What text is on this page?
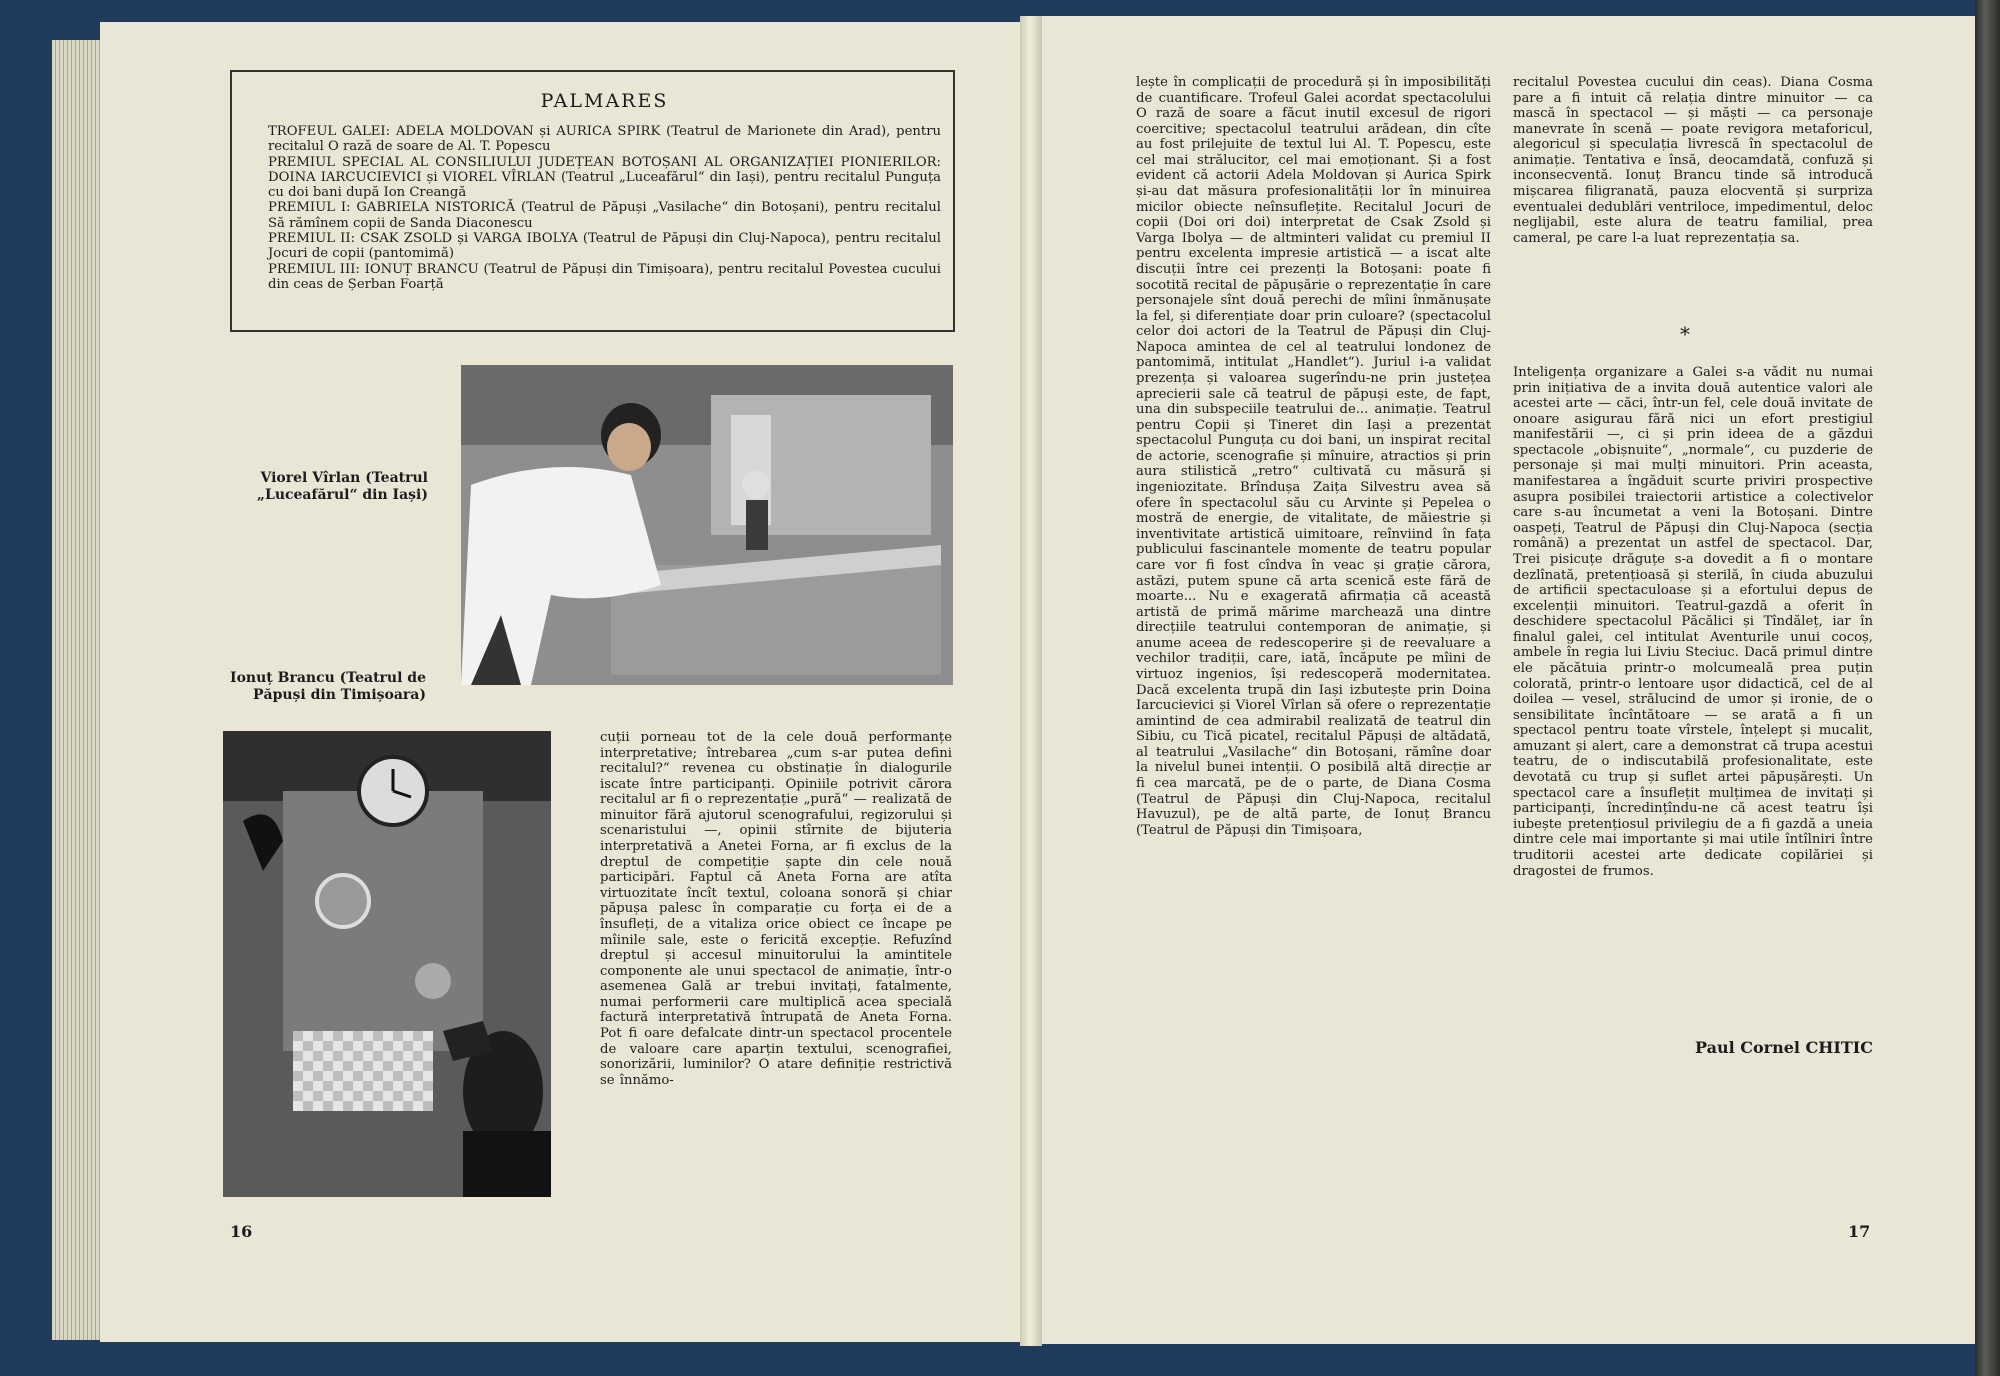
PALMARES

TROFEUL GALEI: ADELA MOLDOVAN și AURICA SPIRK (Teatrul de Marionete din Arad), pentru recitalul O rază de soare de Al. T. Popescu

PREMIUL SPECIAL AL CONSILIULUI JUDEȚEAN BOTOȘANI AL ORGANIZAȚIEI PIONIERILOR: DOINA IARCUCIEVICI și VIOREL VÎRLAN (Teatrul „Luceafărul“ din Iași), pentru recitalul Punguța cu doi bani după Ion Creangă

PREMIUL I: GABRIELA NISTORICĂ (Teatrul de Păpuși „Vasilache“ din Botoșani), pentru recitalul Să rămînem copii de Sanda Diaconescu

PREMIUL II: CSAK ZSOLD și VARGA IBOLYA (Teatrul de Păpuși din Cluj-Napoca), pentru recitalul Jocuri de copii (pantomimă)

PREMIUL III: IONUȚ BRANCU (Teatrul de Păpuși din Timișoara), pentru recitalul Povestea cucului din ceas de Șerban Foarță

Viorel Vîrlan (Teatrul „Luceafărul“ din Iași)
Ionuț Brancu (Teatrul de Păpuși din Timișoara)
cuții porneau tot de la cele două performanțe interpretative; întrebarea „cum s-ar putea defini recitalul?“ revenea cu obstinație în dialogurile iscate între participanți. Opiniile potrivit cărora recitalul ar fi o reprezentație „pură“ — realizată de minuitor fără ajutorul scenografului, regizorului și scenaristului —, opinii stîrnite de bijuteria interpretativă a Anetei Forna, ar fi exclus de la dreptul de competiție șapte din cele nouă participări. Faptul că Aneta Forna are atîta virtuozitate încît textul, coloana sonoră și chiar păpușa palesc în comparație cu forța ei de a însufleți, de a vitaliza orice obiect ce încape pe mîinile sale, este o fericită excepție. Refuzînd dreptul și accesul minuitorului la amintitele componente ale unui spectacol de animație, într-o asemenea Gală ar trebui invitați, fatalmente, numai performerii care multiplică acea specială factură interpretativă întrupată de Aneta Forna. Pot fi oare defalcate dintr-un spectacol procentele de valoare care aparțin textului, scenografiei, sonorizării, luminilor? O atare definiție restrictivă se înnămo-
lește în complicații de procedură și în imposibilități de cuantificare. Trofeul Galei acordat spectacolului O rază de soare a făcut inutil excesul de rigori coercitive; spectacolul teatrului arădean, din cîte au fost prilejuite de textul lui Al. T. Popescu, este cel mai strălucitor, cel mai emoționant. Și a fost evident că actorii Adela Moldovan și Aurica Spirk și-au dat măsura profesionalității lor în minuirea micilor obiecte neînsuflețite. Recitalul Jocuri de copii (Doi ori doi) interpretat de Csak Zsold și Varga Ibolya — de altminteri validat cu premiul II pentru excelenta impresie artistică — a iscat alte discuții între cei prezenți la Botoșani: poate fi socotită recital de păpușărie o reprezentație în care personajele sînt două perechi de mîini înmănușate la fel, și diferențiate doar prin culoare? (spectacolul celor doi actori de la Teatrul de Păpuși din Cluj-Napoca amintea de cel al teatrului londonez de pantomimă, intitulat „Handlet“). Juriul i-a validat prezența și valoarea sugerîndu-ne prin justețea aprecierii sale că teatrul de păpuși este, de fapt, una din subspeciile teatrului de... animație. Teatrul pentru Copii și Tineret din Iași a prezentat spectacolul Punguța cu doi bani, un inspirat recital de actorie, scenografie și mînuire, atractios și prin aura stilistică „retro“ cultivată cu măsură și ingeniozitate. Brîndușa Zaița Silvestru avea să ofere în spectacolul său cu Arvinte și Pepelea o mostră de energie, de vitalitate, de măiestrie și inventivitate artistică uimitoare, reînviind în fața publicului fascinantele momente de teatru popular care vor fi fost cîndva în veac și grație cărora, astăzi, putem spune că arta scenică este fără de moarte... Nu e exagerată afirmația că această artistă de primă mărime marchează una dintre direcțiile teatrului contemporan de animație, și anume aceea de redescoperire și de reevaluare a vechilor tradiții, care, iată, încăpute pe mîini de virtuoz ingenios, își redescoperă modernitatea. Dacă excelenta trupă din Iași izbutește prin Doina Iarcucievici și Viorel Vîrlan să ofere o reprezentație amintind de cea admirabil realizată de teatrul din Sibiu, cu Tică picatel, recitalul Păpuși de altădată, al teatrului „Vasilache“ din Botoșani, rămîne doar la nivelul bunei intenții. O posibilă altă direcție ar fi cea marcată, pe de o parte, de Diana Cosma (Teatrul de Păpuși din Cluj-Napoca, recitalul Havuzul), pe de altă parte, de Ionuț Brancu (Teatrul de Păpuși din Timișoara,
recitalul Povestea cucului din ceas). Diana Cosma pare a fi intuit că relația dintre minuitor — ca mască în spectacol — și măști — ca personaje manevrate în scenă — poate revigora metaforicul, alegoricul și speculația livrescă în spectacolul de animație. Tentativa e însă, deocamdată, confuză și inconsecventă. Ionuț Brancu tinde să introducă mișcarea filigranată, pauza elocventă și surpriza eventualei dedublări ventriloce, impedimentul, deloc neglijabil, este alura de teatru familial, prea cameral, pe care l-a luat reprezentația sa.
*
Inteligența organizare a Galei s-a vădit nu numai prin inițiativa de a invita două autentice valori ale acestei arte — căci, într-un fel, cele două invitate de onoare asigurau fără nici un efort prestigiul manifestării —, ci și prin ideea de a găzdui spectacole „obișnuite“, „normale“, cu puzderie de personaje și mai mulți minuitori. Prin aceasta, manifestarea a îngăduit scurte priviri prospective asupra posibilei traiectorii artistice a colectivelor care s-au încumetat a veni la Botoșani. Dintre oaspeți, Teatrul de Păpuși din Cluj-Napoca (secția română) a prezentat un astfel de spectacol. Dar, Trei pisicuțe drăguțe s-a dovedit a fi o montare dezlînată, pretențioasă și sterilă, în ciuda abuzului de artificii spectaculoase și a efortului depus de excelenții minuitori. Teatrul-gazdă a oferit în deschidere spectacolul Păcălici și Tîndăleț, iar în finalul galei, cel intitulat Aventurile unui cocoș, ambele în regia lui Liviu Steciuc. Dacă primul dintre ele păcătuia printr-o molcumeală prea puțin colorată, printr-o lentoare ușor didactică, cel de al doilea — vesel, strălucind de umor și ironie, de o sensibilitate încîntătoare — se arată a fi un spectacol pentru toate vîrstele, înțelept și mucalit, amuzant și alert, care a demonstrat că trupa acestui teatru, de o indiscutabilă profesionalitate, este devotată cu trup și suflet artei păpușărești. Un spectacol care a însuflețit mulțimea de invitați și participanți, încredințîndu-ne că acest teatru își iubește pretențiosul privilegiu de a fi gazdă a uneia dintre cele mai importante și mai utile întîlniri între truditorii acestei arte dedicate copilăriei și dragostei de frumos.
Paul Cornel CHITIC
16	17
